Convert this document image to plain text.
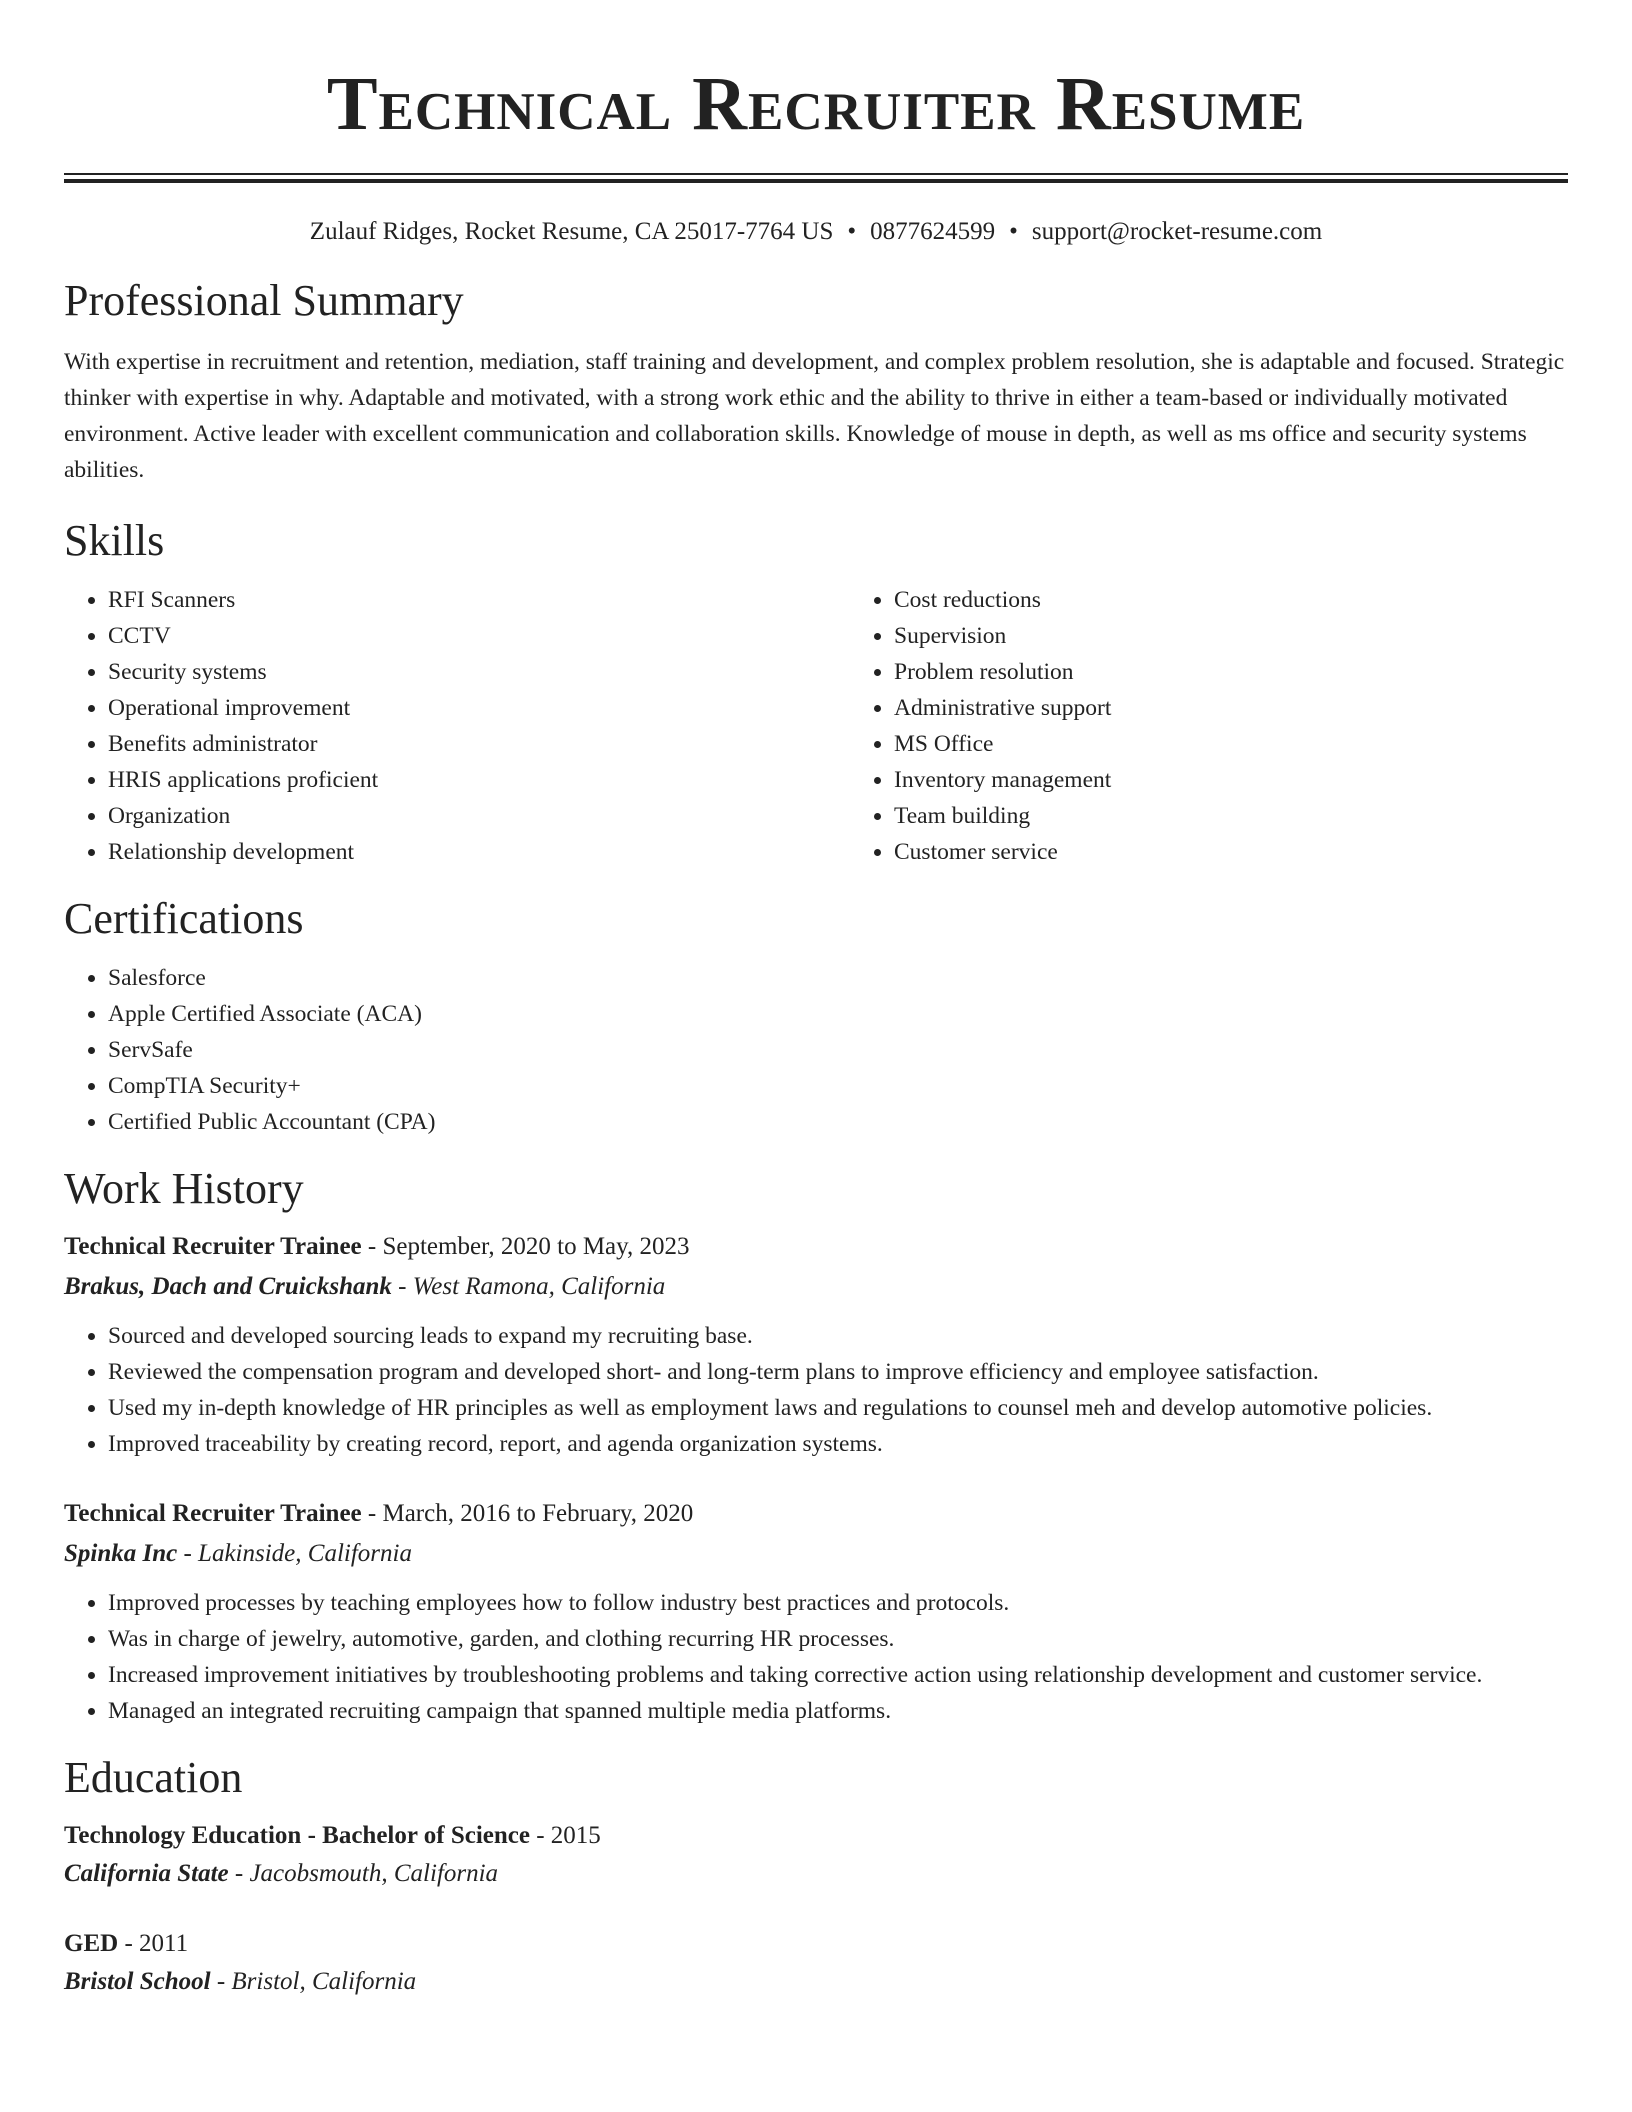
Technical Recruiter Resume
Zulauf Ridges, Rocket Resume, CA 25017-7764 US • 0877624599 • support@rocket-resume.com
Professional Summary

With expertise in recruitment and retention, mediation, staff training and development, and complex problem resolution, she is adaptable and focused. Strategic thinker with expertise in why. Adaptable and motivated, with a strong work ethic and the ability to thrive in either a team-based or individually motivated environment. Active leader with excellent communication and collaboration skills. Knowledge of mouse in depth, as well as ms office and security systems abilities.

Skills
• RFI Scanners
• CCTV
• Security systems
• Operational improvement
• Benefits administrator
• HRIS applications proficient
• Organization
• Relationship development
• Cost reductions
• Supervision
• Problem resolution
• Administrative support
• MS Office
• Inventory management
• Team building
• Customer service
Certifications
• Salesforce
• Apple Certified Associate (ACA)
• ServSafe
• CompTIA Security+
• Certified Public Accountant (CPA)
Work History
Technical Recruiter Trainee - September, 2020 to May, 2023
Brakus, Dach and Cruickshank - West Ramona, California
• Sourced and developed sourcing leads to expand my recruiting base.
• Reviewed the compensation program and developed short- and long-term plans to improve efficiency and employee satisfaction.
• Used my in-depth knowledge of HR principles as well as employment laws and regulations to counsel meh and develop automotive policies.
• Improved traceability by creating record, report, and agenda organization systems.
Technical Recruiter Trainee - March, 2016 to February, 2020
Spinka Inc - Lakinside, California
• Improved processes by teaching employees how to follow industry best practices and protocols.
• Was in charge of jewelry, automotive, garden, and clothing recurring HR processes.
• Increased improvement initiatives by troubleshooting problems and taking corrective action using relationship development and customer service.
• Managed an integrated recruiting campaign that spanned multiple media platforms.
Education
Technology Education - Bachelor of Science - 2015
California State - Jacobsmouth, California
GED - 2011
Bristol School - Bristol, California
